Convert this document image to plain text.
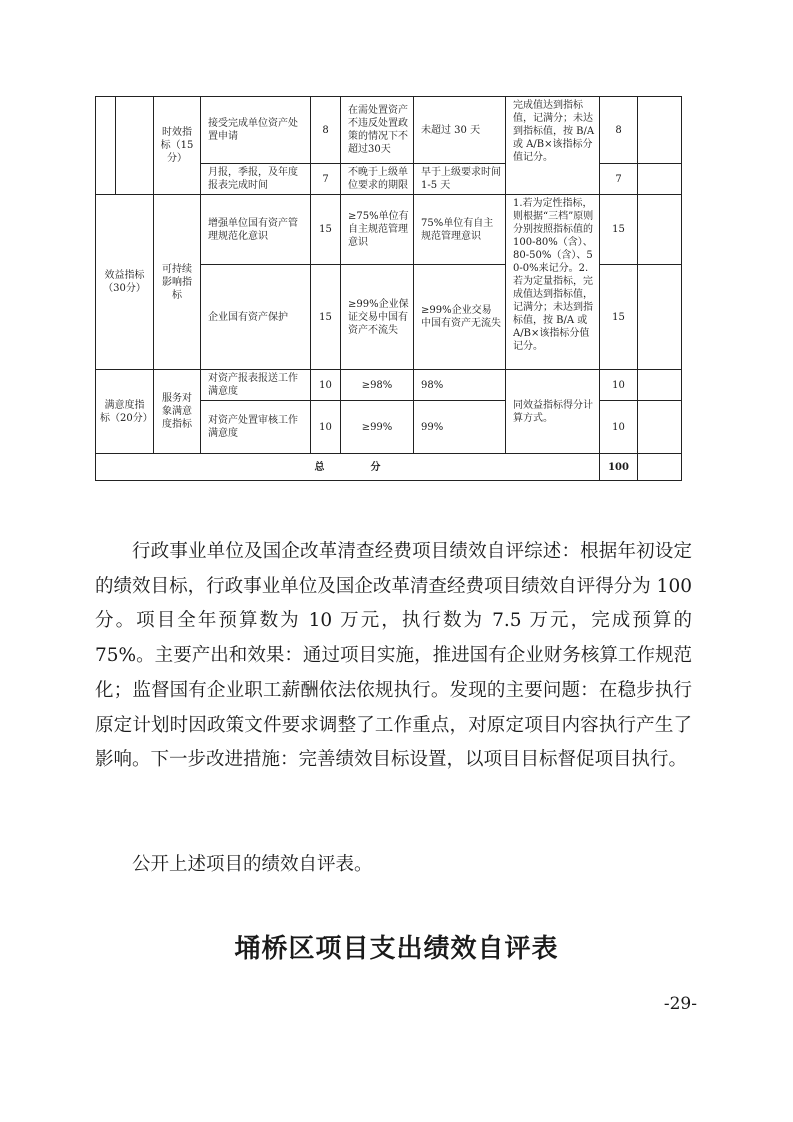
		时效指标（15分）	接受完成单位资产处置申请	8	在需处置资产不违反处置政策的情况下不超过30天	未超过 30 天	完成值达到指标值，记满分；未达到指标值，按 B/A 或 A/B×该指标分值记分。	8	
			月报，季报，及年度报表完成时间	7	不晚于上级单位要求的期限	早于上级要求时间 1-5 天		7	
效益指标（30分）		可持续影响指标	增强单位国有资产管理规范化意识	15	≥75%单位有自主规范管理意识	75%单位有自主规范管理意识	1.若为定性指标，则根据“三档”原则分别按照指标值的 100-80%（含）、80-50%（含）、50-0%来记分。2.若为定量指标，完成值达到指标值，记满分；未达到指标值，按 B/A 或 A/B×该指标分值记分。	15	
			企业国有资产保护	15	≥99%企业保证交易中国有资产不流失	≥99%企业交易中国有资产无流失		15	
满意度指标（20分）		服务对象满意度指标	对资产报表报送工作满意度	10	≥98%	98%	同效益指标得分计算方式。	10	
			对资产处置审核工作满意度	10	≥99%	99%		10	
总 分								100	

行政事业单位及国企改革清查经费项目绩效自评综述：根据年初设定的绩效目标，行政事业单位及国企改革清查经费项目绩效自评得分为 100 分。项目全年预算数为 10 万元，执行数为 7.5 万元，完成预算的 75%。主要产出和效果：通过项目实施，推进国有企业财务核算工作规范化；监督国有企业职工薪酬依法依规执行。发现的主要问题：在稳步执行原定计划时因政策文件要求调整了工作重点，对原定项目内容执行产生了影响。下一步改进措施：完善绩效目标设置，以项目目标督促项目执行。

公开上述项目的绩效自评表。

埇桥区项目支出绩效自评表
-29-
